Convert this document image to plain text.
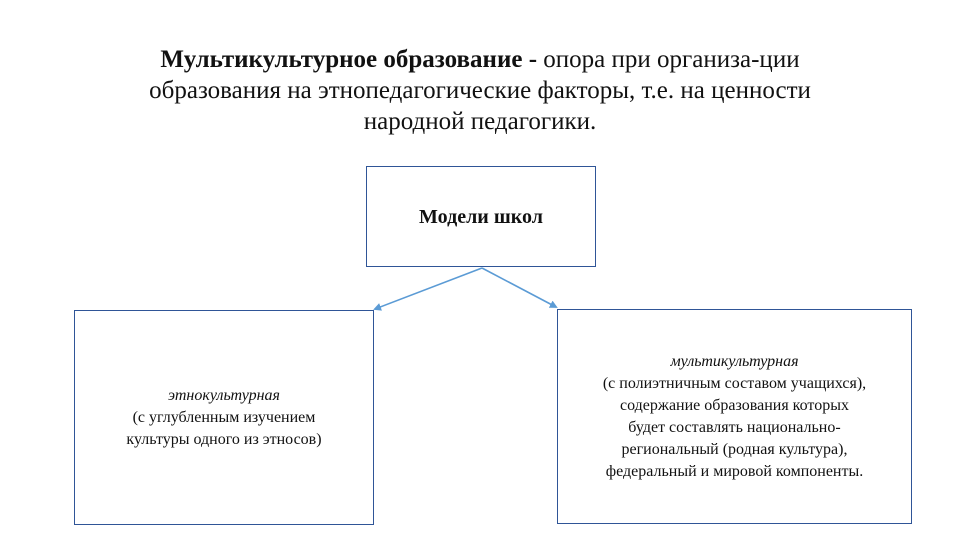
Мультикультурное образование - опора при организа-ции
образования на этнопедагогические факторы, т.е. на ценности
народной педагогики.
Модели школ
этнокультурная
(с углубленным изучением
культуры одного из этносов)
мультикультурная
(с полиэтничным составом учащихся),
содержание образования которых
будет составлять национально-
региональный (родная культура),
федеральный и мировой компоненты.
